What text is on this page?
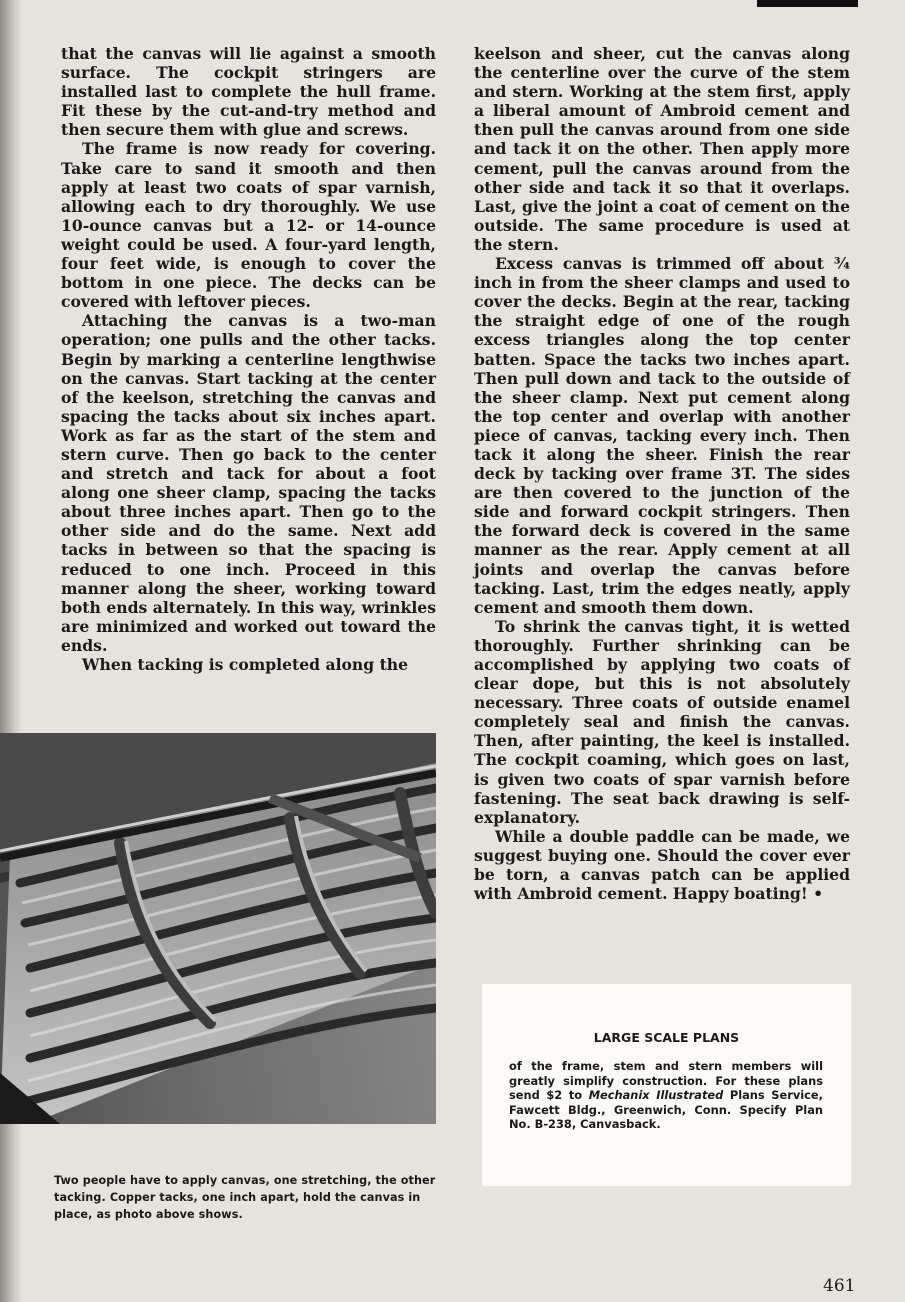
that the canvas will lie against a smooth surface. The cockpit stringers are installed last to complete the hull frame. Fit these by the cut-and-try method and then secure them with glue and screws.

The frame is now ready for covering. Take care to sand it smooth and then apply at least two coats of spar varnish, allowing each to dry thoroughly. We use 10-ounce canvas but a 12- or 14-ounce weight could be used. A four-yard length, four feet wide, is enough to cover the bottom in one piece. The decks can be covered with leftover pieces.

Attaching the canvas is a two-man operation; one pulls and the other tacks. Begin by marking a centerline lengthwise on the canvas. Start tacking at the center of the keelson, stretching the canvas and spacing the tacks about six inches apart. Work as far as the start of the stem and stern curve. Then go back to the center and stretch and tack for about a foot along one sheer clamp, spacing the tacks about three inches apart. Then go to the other side and do the same. Next add tacks in between so that the spacing is reduced to one inch. Proceed in this manner along the sheer, working toward both ends alternately. In this way, wrinkles are minimized and worked out toward the ends.

When tacking is completed along the

keelson and sheer, cut the canvas along the centerline over the curve of the stem and stern. Working at the stem first, apply a liberal amount of Ambroid cement and then pull the canvas around from one side and tack it on the other. Then apply more cement, pull the canvas around from the other side and tack it so that it overlaps. Last, give the joint a coat of cement on the outside. The same procedure is used at the stern.

Excess canvas is trimmed off about ¾ inch in from the sheer clamps and used to cover the decks. Begin at the rear, tacking the straight edge of one of the rough excess triangles along the top center batten. Space the tacks two inches apart. Then pull down and tack to the outside of the sheer clamp. Next put cement along the top center and overlap with another piece of canvas, tacking every inch. Then tack it along the sheer. Finish the rear deck by tacking over frame 3T. The sides are then covered to the junction of the side and forward cockpit stringers. Then the forward deck is covered in the same manner as the rear. Apply cement at all joints and overlap the canvas before tacking. Last, trim the edges neatly, apply cement and smooth them down.

To shrink the canvas tight, it is wetted thoroughly. Further shrinking can be accomplished by applying two coats of clear dope, but this is not absolutely necessary. Three coats of outside enamel completely seal and finish the canvas. Then, after painting, the keel is installed. The cockpit coaming, which goes on last, is given two coats of spar varnish before fastening. The seat back drawing is self-explanatory.

While a double paddle can be made, we suggest buying one. Should the cover ever be torn, a canvas patch can be applied with Ambroid cement. Happy boating! •

Two people have to apply canvas, one stretching, the other tacking. Copper tacks, one inch apart, hold the canvas in place, as photo above shows.
LARGE SCALE PLANS
of the frame, stem and stern members will greatly simplify construction. For these plans send $2 to Mechanix Illustrated Plans Service, Fawcett Bldg., Greenwich, Conn. Specify Plan No. B-238, Canvasback.
461
